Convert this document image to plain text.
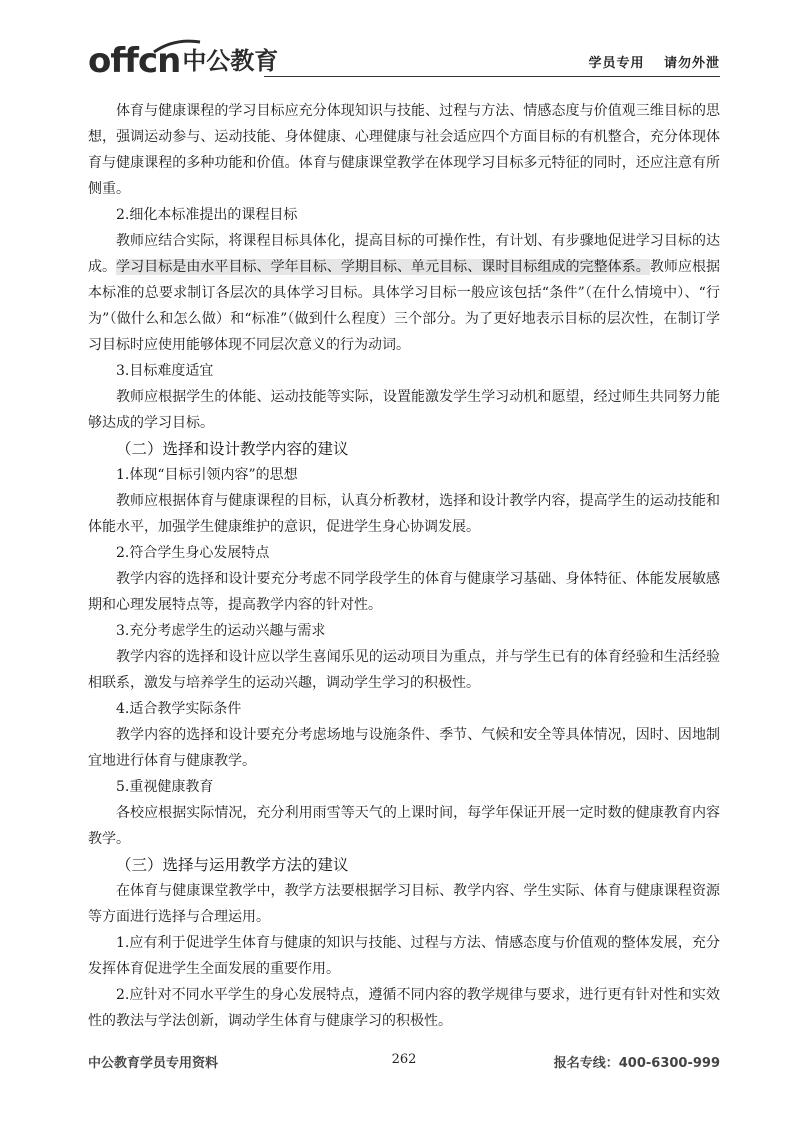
offcn 中公教育	学员专用 请勿外泄

体育与健康课程的学习目标应充分体现知识与技能、过程与方法、情感态度与价值观三维目标的思想，强调运动参与、运动技能、身体健康、心理健康与社会适应四个方面目标的有机整合，充分体现体育与健康课程的多种功能和价值。体育与健康课堂教学在体现学习目标多元特征的同时，还应注意有所侧重。

2.细化本标准提出的课程目标

教师应结合实际，将课程目标具体化，提高目标的可操作性，有计划、有步骤地促进学习目标的达成。学习目标是由水平目标、学年目标、学期目标、单元目标、课时目标组成的完整体系。教师应根据本标准的总要求制订各层次的具体学习目标。具体学习目标一般应该包括“条件”（在什么情境中）、“行为”（做什么和怎么做）和“标准”（做到什么程度）三个部分。为了更好地表示目标的层次性，在制订学习目标时应使用能够体现不同层次意义的行为动词。

3.目标难度适宜

教师应根据学生的体能、运动技能等实际，设置能激发学生学习动机和愿望，经过师生共同努力能够达成的学习目标。

（二）选择和设计教学内容的建议

1.体现“目标引领内容”的思想

教师应根据体育与健康课程的目标，认真分析教材，选择和设计教学内容，提高学生的运动技能和体能水平，加强学生健康维护的意识，促进学生身心协调发展。

2.符合学生身心发展特点

教学内容的选择和设计要充分考虑不同学段学生的体育与健康学习基础、身体特征、体能发展敏感期和心理发展特点等，提高教学内容的针对性。

3.充分考虑学生的运动兴趣与需求

教学内容的选择和设计应以学生喜闻乐见的运动项目为重点，并与学生已有的体育经验和生活经验相联系，激发与培养学生的运动兴趣，调动学生学习的积极性。

4.适合教学实际条件

教学内容的选择和设计要充分考虑场地与设施条件、季节、气候和安全等具体情况，因时、因地制宜地进行体育与健康教学。

5.重视健康教育

各校应根据实际情况，充分利用雨雪等天气的上课时间，每学年保证开展一定时数的健康教育内容教学。

（三）选择与运用教学方法的建议

在体育与健康课堂教学中，教学方法要根据学习目标、教学内容、学生实际、体育与健康课程资源等方面进行选择与合理运用。

1.应有利于促进学生体育与健康的知识与技能、过程与方法、情感态度与价值观的整体发展，充分发挥体育促进学生全面发展的重要作用。

2.应针对不同水平学生的身心发展特点，遵循不同内容的教学规律与要求，进行更有针对性和实效性的教法与学法创新，调动学生体育与健康学习的积极性。

中公教育学员专用资料	262	报名专线：400-6300-999
